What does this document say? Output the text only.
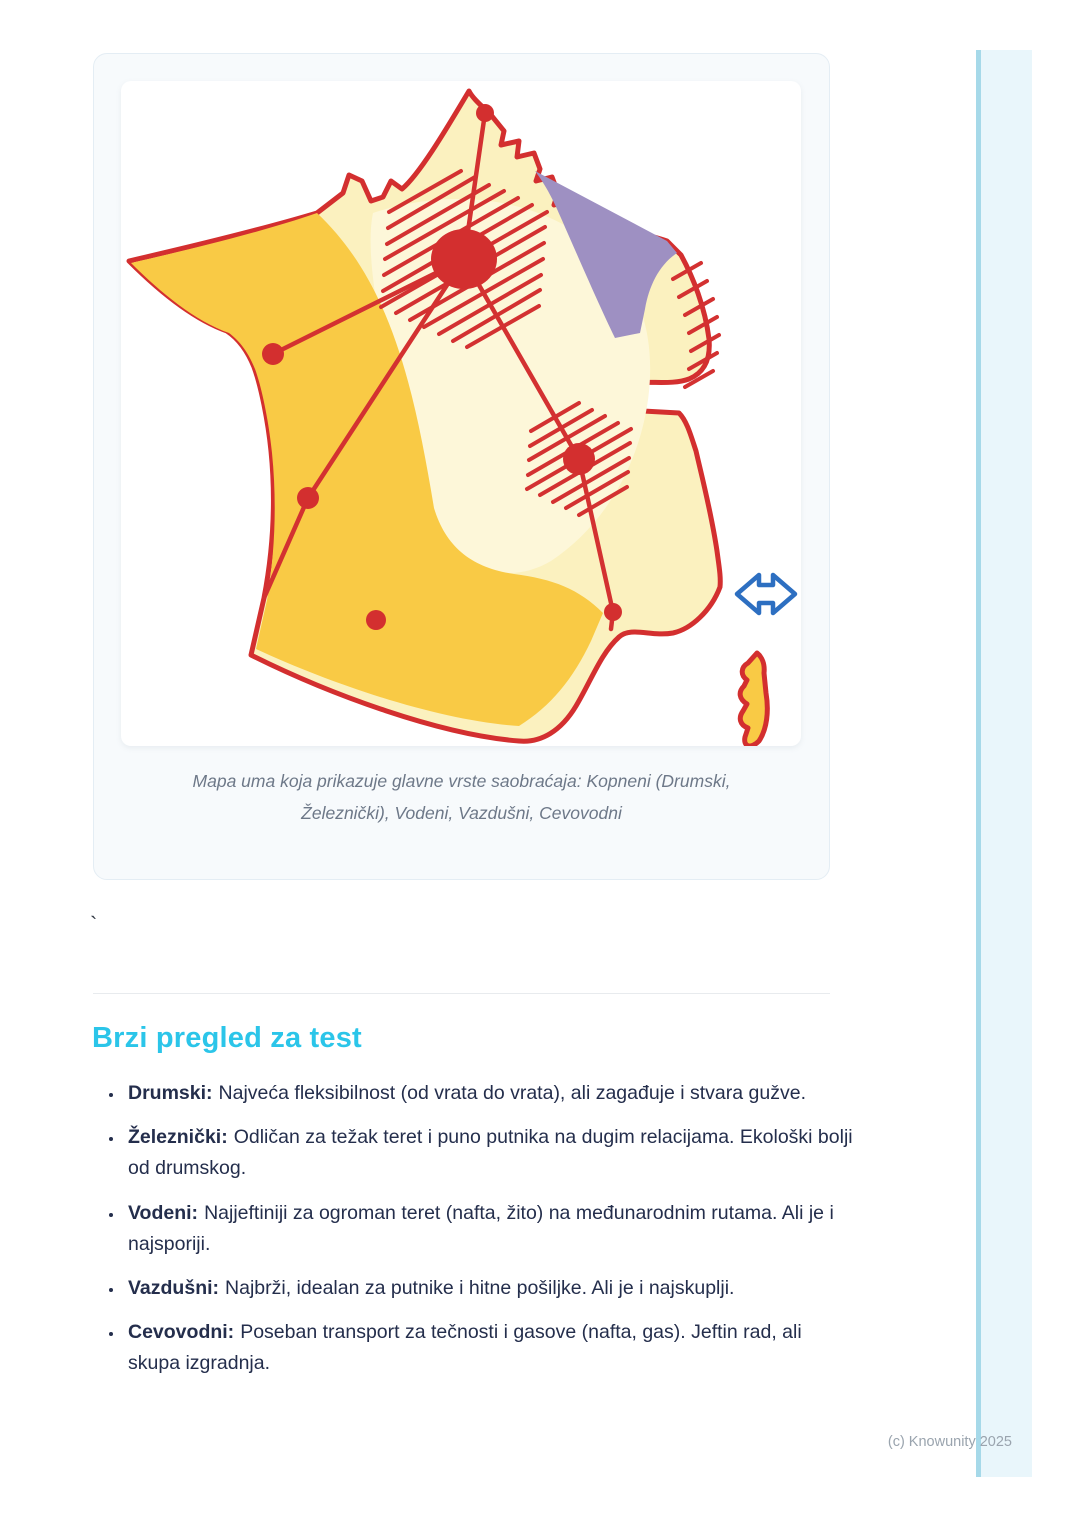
Mapa uma koja prikazuje glavne vrste saobraćaja: Kopneni (Drumski,
Železnički), Vodeni, Vazdušni, Cevovodni
`
Brzi pregled za test
• Drumski: Najveća fleksibilnost (od vrata do vrata), ali zagađuje i stvara gužve.
• Železnički: Odličan za težak teret i puno putnika na dugim relacijama. Ekološki bolji od drumskog.
• Vodeni: Najjeftiniji za ogroman teret (nafta, žito) na međunarodnim rutama. Ali je i najsporiji.
• Vazdušni: Najbrži, idealan za putnike i hitne pošiljke. Ali je i najskuplji.
• Cevovodni: Poseban transport za tečnosti i gasove (nafta, gas). Jeftin rad, ali skupa izgradnja.
(c) Knowunity 2025
